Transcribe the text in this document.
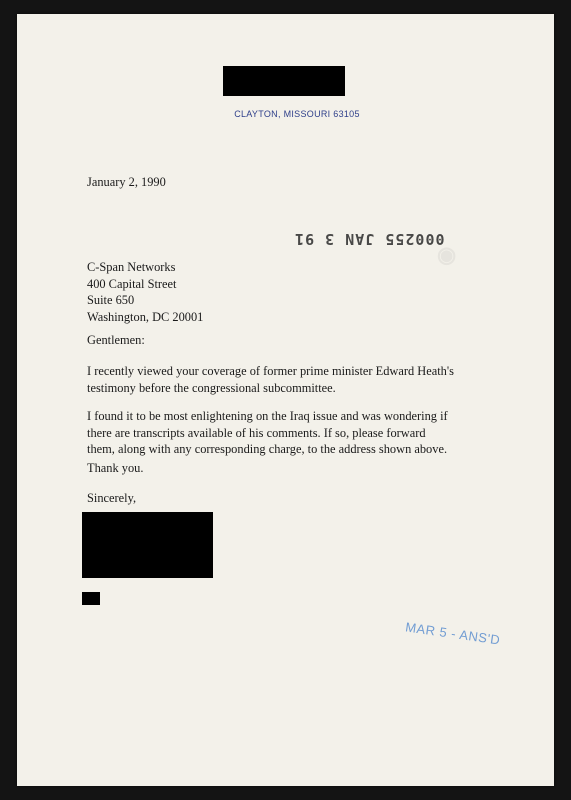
CLAYTON, MISSOURI 63105
◉
January 2, 1990
000255 JAN 3 91
C-Span Networks
400 Capital Street
Suite 650
Washington, DC 20001
Gentlemen:
I recently viewed your coverage of former prime minister Edward Heath's
testimony before the congressional subcommittee.
I found it to be most enlightening on the Iraq issue and was wondering if
there are transcripts available of his comments. If so, please forward
them, along with any corresponding charge, to the address shown above.
Thank you.
Sincerely,
MAR 5 - ANS'D
